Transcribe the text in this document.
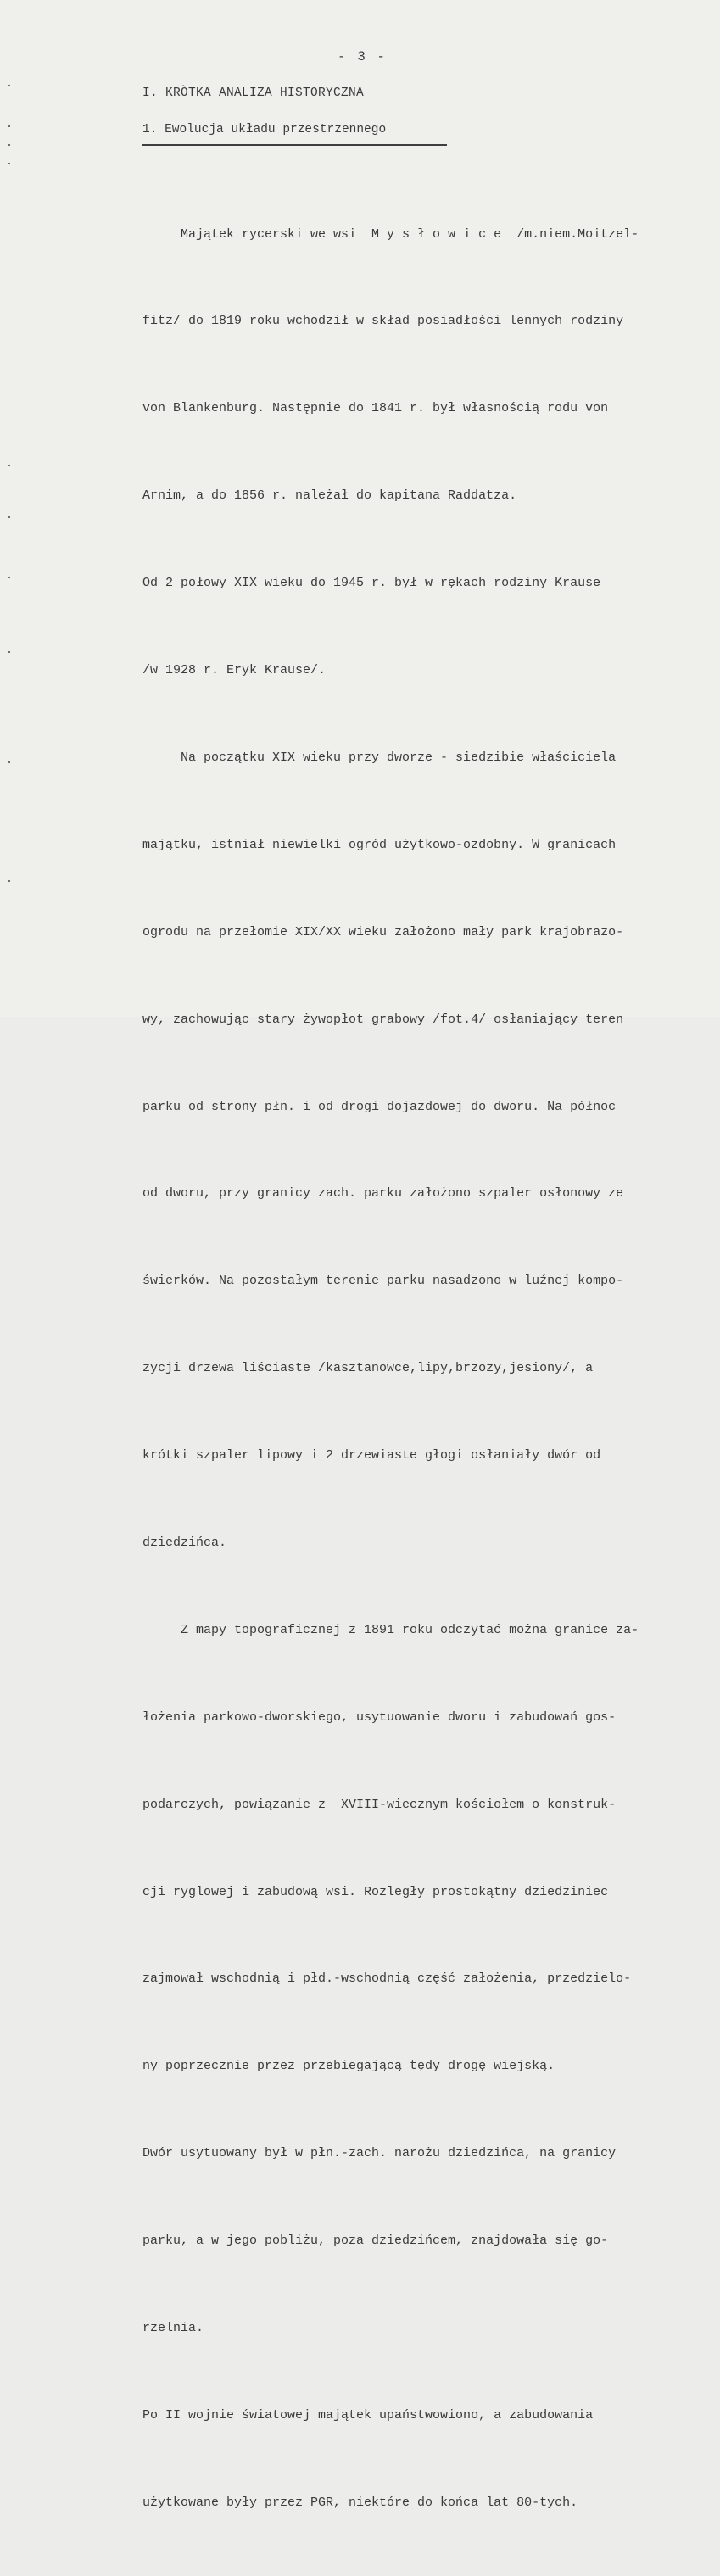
- 3 -
I. KRÒTKA ANALIZA HISTORYCZNA
1. Ewolucja układu przestrzennego

Majątek rycerski we wsi  M y s ł o w i c e  /m.niem.Moitzel-

fitz/ do 1819 roku wchodził w skład posiadłości lennych rodziny

von Blankenburg. Następnie do 1841 r. był własnością rodu von

Arnim, a do 1856 r. należał do kapitana Raddatza.

Od 2 połowy XIX wieku do 1945 r. był w rękach rodziny Krause

/w 1928 r. Eryk Krause/.

Na początku XIX wieku przy dworze - siedzibie właściciela

majątku, istniał niewielki ogród użytkowo-ozdobny. W granicach

ogrodu na przełomie XIX/XX wieku założono mały park krajobrazo-

wy, zachowując stary żywopłot grabowy /fot.4/ osłaniający teren

parku od strony płn. i od drogi dojazdowej do dworu. Na północ

od dworu, przy granicy zach. parku założono szpaler osłonowy ze

świerków. Na pozostałym terenie parku nasadzono w luźnej kompo-

zycji drzewa liściaste /kasztanowce,lipy,brzozy,jesiony/, a

krótki szpaler lipowy i 2 drzewiaste głogi osłaniały dwór od

dziedzińca.

Z mapy topograficznej z 1891 roku odczytać można granice za-

łożenia parkowo-dworskiego, usytuowanie dworu i zabudowań gos-

podarczych, powiązanie z  XVIII-wiecznym kościołem o konstruk-

cji ryglowej i zabudową wsi. Rozległy prostokątny dziedziniec

zajmował wschodnią i płd.-wschodnią część założenia, przedzielo-

ny poprzecznie przez przebiegającą tędy drogę wiejską.

Dwór usytuowany był w płn.-zach. narożu dziedzińca, na granicy

parku, a w jego pobliżu, poza dziedzińcem, znajdowała się go-

rzelnia.

Po II wojnie światowej majątek upaństwowiono, a zabudowania

użytkowane były przez PGR, niektóre do końca lat 80-tych.
